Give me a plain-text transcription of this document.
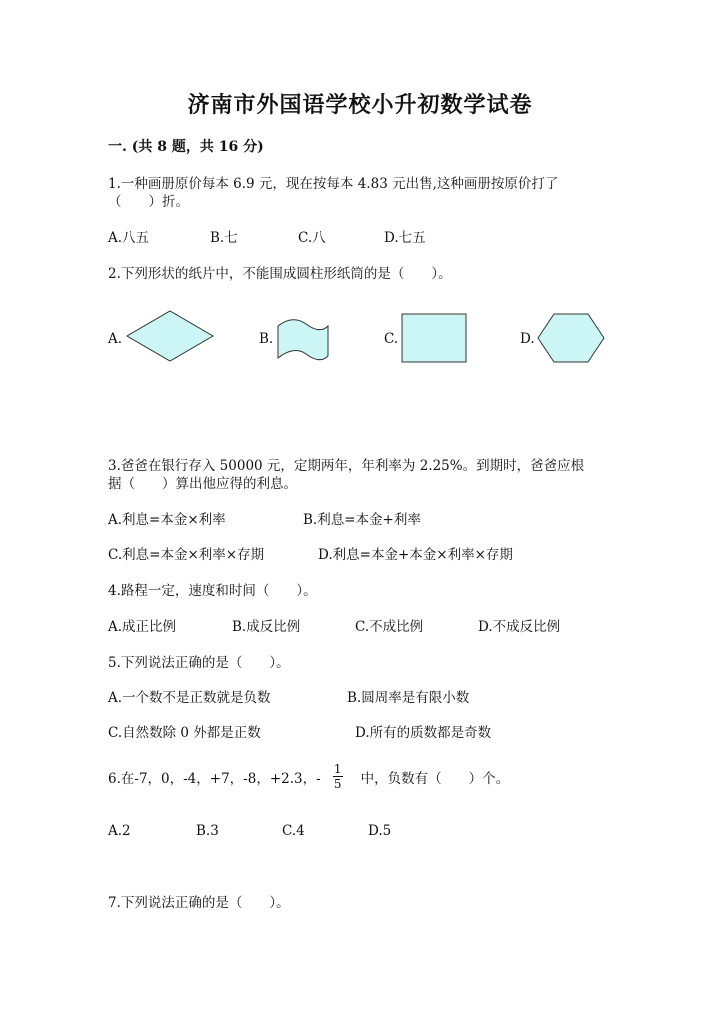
济南市外国语学校小升初数学试卷
一. (共 8 题，共 16 分)
1.一种画册原价每本 6.9 元，现在按每本 4.83 元出售,这种画册按原价打了
（　　）折。
A.八五	B.七	C.八	D.七五
2.下列形状的纸片中，不能围成圆柱形纸筒的是（　　）。
A.	B.	C.	D.
3.爸爸在银行存入 50000 元，定期两年，年利率为 2.25%。到期时，爸爸应根
据（　　）算出他应得的利息。
A.利息=本金×利率	B.利息=本金+利率
C.利息=本金×利率×存期	D.利息=本金+本金×利率×存期
4.路程一定，速度和时间（　　）。
A.成正比例	B.成反比例	C.不成比例	D.不成反比例
5.下列说法正确的是（　　）。
A.一个数不是正数就是负数	B.圆周率是有限小数
C.自然数除 0 外都是正数	D.所有的质数都是奇数
6.在-7，0，-4，+7，-8，+2.3，- $\frac{1}{5}$ 中，负数有（　　）个。
A.2	B.3	C.4	D.5
7.下列说法正确的是（　　）。
